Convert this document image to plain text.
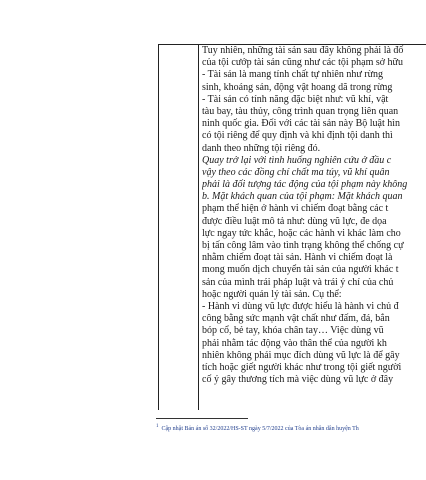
Tuy nhiên, những tài sản sau đây không phải là đố
của tội cướp tài sản cũng như các tội phạm sở hữu
- Tài sản là mang tính chất tự nhiên như rừng
sinh, khoáng sản, động vật hoang dã trong rừng
- Tài sản có tính năng đặc biệt như: vũ khí, vật
tàu bay, tàu thủy, công trình quan trọng liên quan
ninh quốc gia. Đối với các tài sản này Bộ luật hìn
có tội riêng để quy định và khi định tội danh thì
danh theo những tội riêng đó.
Quay trở lại với tình huống nghiên cứu ở đầu c
vậy theo các đồng chí chất ma túy, vũ khí quân
phải là đối tượng tác động của tội phạm này không
b. Mặt khách quan của tội phạm: Mặt khách quan
phạm thể hiện ở hành vi chiếm đoạt bằng các t
được điều luật mô tả như: dùng vũ lực, đe dọa
lực ngay tức khắc, hoặc các hành vi khác làm cho
bị tấn công lâm vào tình trạng không thể chống cự
nhằm chiếm đoạt tài sản. Hành vi chiếm đoạt là
mong muốn dịch chuyển tài sản của người khác t
sản của mình trái pháp luật và trái ý chí của chủ
hoặc người quản lý tài sản. Cụ thể:
- Hành vi dùng vũ lực được hiểu là hành vi chủ đ
công bằng sức mạnh vật chất như đấm, đá, bắn
bóp cổ, bẻ tay, khóa chân tay… Việc dùng vũ
phải nhằm tác động vào thân thể của người kh
nhiên không phải mục đích dùng vũ lực là để gây
tích hoặc giết người khác như trong tội giết người
cố ý gây thương tích mà việc dùng vũ lực ở đây
$^1$ Cập nhật Bản án số 32/2022/HS-ST ngày 5/7/2022 của Tòa án nhân dân huyện Th
